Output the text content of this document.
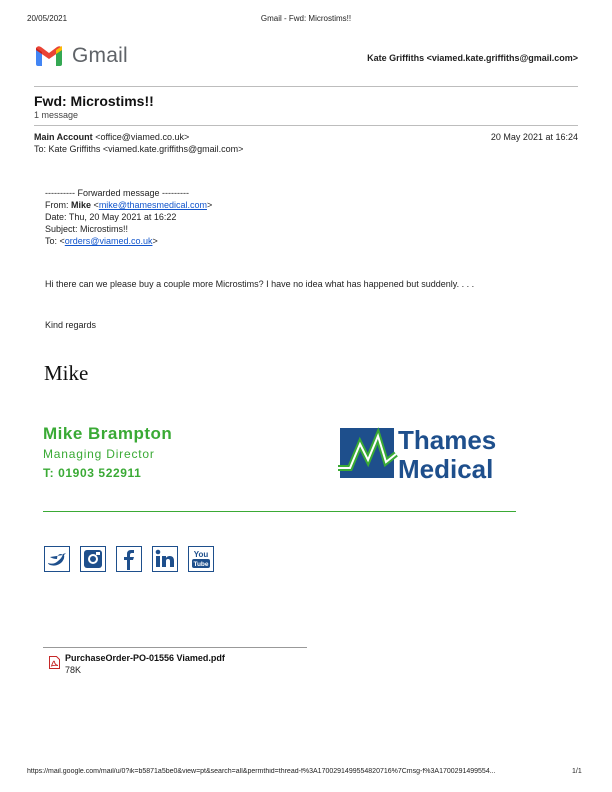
20/05/2021	Gmail - Fwd: Microstims!!
Gmail	Kate Griffiths <viamed.kate.griffiths@gmail.com>
Fwd: Microstims!!
1 message
Main Account <office@viamed.co.uk>	20 May 2021 at 16:24
To: Kate Griffiths <viamed.kate.griffiths@gmail.com>
---------- Forwarded message ---------
From: Mike <mike@thamesmedical.com>
Date: Thu, 20 May 2021 at 16:22
Subject: Microstims!!
To: <orders@viamed.co.uk>
Hi there can we please buy a couple more Microstims? I have no idea what has happened but suddenly. . . .
Kind regards
Mike
Mike Brampton
Managing Director
T: 01903 522911
Thames
Medical
You
Tube
PurchaseOrder-PO-01556 Viamed.pdf
78K
https://mail.google.com/mail/u/0?ik=b5871a5be0&view=pt&search=all&permthid=thread-f%3A1700291499554820716%7Cmsg-f%3A1700291499554...	1/1
